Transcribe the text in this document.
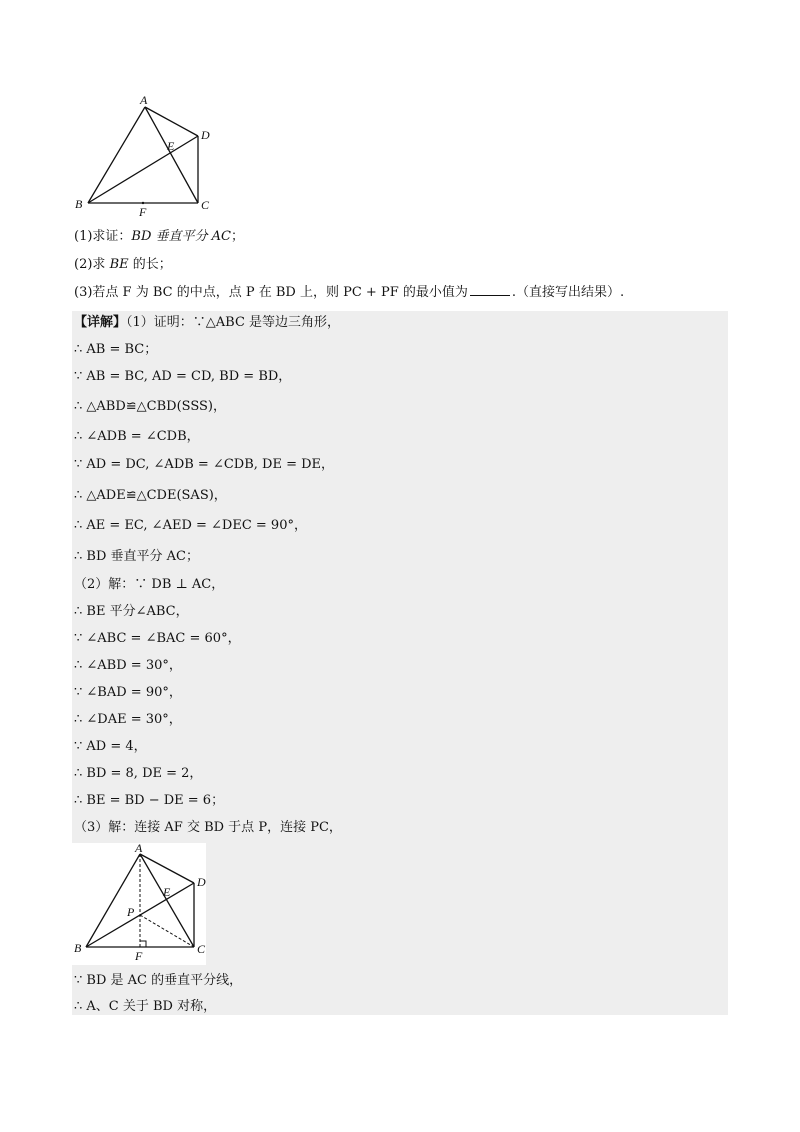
A
B	C
D
E
F
(1)求证：BD 垂直平分 AC；
(2)求 BE 的长；
(3)若点 F 为 BC 的中点，点 P 在 BD 上，则 PC + PF 的最小值为	.（直接写出结果）.
【详解】（1）证明：∵△ABC 是等边三角形，
∴ AB = BC；
∵ AB = BC, AD = CD, BD = BD，
∴ △ABD≌△CBD(SSS)，
∴ ∠ADB = ∠CDB，
∵ AD = DC, ∠ADB = ∠CDB, DE = DE，
∴ △ADE≌△CDE(SAS)，
∴ AE = EC, ∠AED = ∠DEC = 90°，
∴ BD 垂直平分 AC；
（2）解：∵ DB ⊥ AC，
∴ BE 平分∠ABC，
∵ ∠ABC = ∠BAC = 60°，
∴ ∠ABD = 30°，
∵ ∠BAD = 90°，
∴ ∠DAE = 30°，
∵ AD = 4，
∴ BD = 8, DE = 2，
∴ BE = BD − DE = 6；
（3）解：连接 AF 交 BD 于点 P，连接 PC，
A
B	C
D
E
F
P
∵ BD 是 AC 的垂直平分线，
∴ A、C 关于 BD 对称，
